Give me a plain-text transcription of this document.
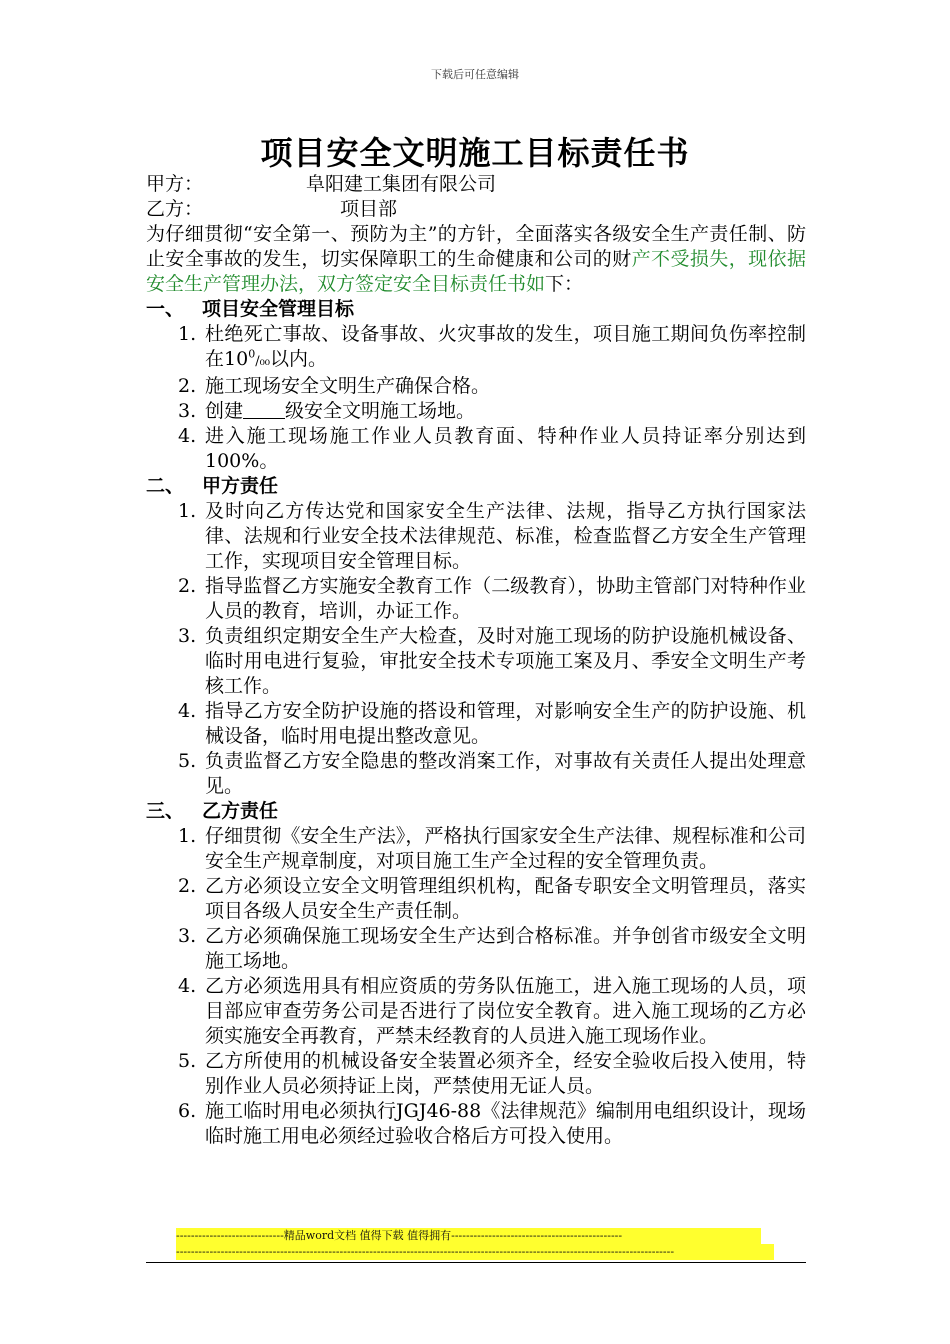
下载后可任意编辑
项目安全文明施工目标责任书
甲方：	阜阳建工集团有限公司
乙方：	项目部
为仔细贯彻“安全第一、预防为主”的方针，全面落实各级安全生产责任制、防止安全事故的发生，切实保障职工的生命健康和公司的财产不受损失，现依据安全生产管理办法，双方签定安全目标责任书如下：
一、 项目安全管理目标
1. 杜绝死亡事故、设备事故、火灾事故的发生，项目施工期间负伤率控制在$10^0/_{00}$以内。
2. 施工现场安全文明生产确保合格。
3. 创建 级安全文明施工场地。
4. 进入施工现场施工作业人员教育面、特种作业人员持证率分别达到100%。
二、 甲方责任
1. 及时向乙方传达党和国家安全生产法律、法规，指导乙方执行国家法律、法规和行业安全技术法律规范、标准，检查监督乙方安全生产管理工作，实现项目安全管理目标。
2. 指导监督乙方实施安全教育工作（二级教育），协助主管部门对特种作业人员的教育，培训，办证工作。
3. 负责组织定期安全生产大检查，及时对施工现场的防护设施机械设备、临时用电进行复验，审批安全技术专项施工案及月、季安全文明生产考核工作。
4. 指导乙方安全防护设施的搭设和管理，对影响安全生产的防护设施、机械设备，临时用电提出整改意见。
5. 负责监督乙方安全隐患的整改消案工作，对事故有关责任人提出处理意见。
三、 乙方责任
1. 仔细贯彻《安全生产法》，严格执行国家安全生产法律、规程标准和公司安全生产规章制度，对项目施工生产全过程的安全管理负责。
2. 乙方必须设立安全文明管理组织机构，配备专职安全文明管理员，落实项目各级人员安全生产责任制。
3. 乙方必须确保施工现场安全生产达到合格标准。并争创省市级安全文明施工场地。
4. 乙方必须选用具有相应资质的劳务队伍施工，进入施工现场的人员，项目部应审查劳务公司是否进行了岗位安全教育。进入施工现场的乙方必须实施安全再教育，严禁未经教育的人员进入施工现场作业。
5. 乙方所使用的机械设备安全装置必须齐全，经安全验收后投入使用，特别作业人员必须持证上岗，严禁使用无证人员。
6. 施工临时用电必须执行JGJ46-88《法律规范》编制用电组织设计，现场临时施工用电必须经过验收合格后方可投入使用。
-----------------------------精品word文档 值得下载 值得拥有----------------------------------------------
--------------------------------------------------------------------------------------------------------------------------------------
